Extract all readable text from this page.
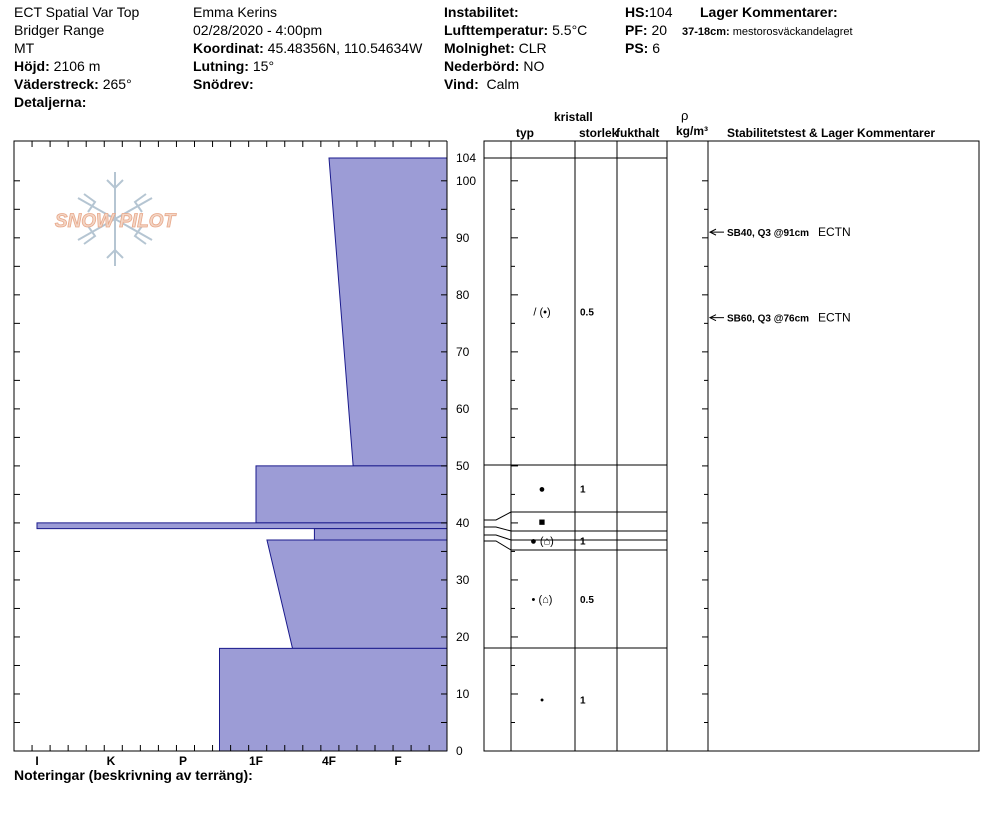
ECT Spatial Var Top
Bridger Range
MT
Höjd: 2106 m
Väderstreck: 265°
Detaljerna:
Emma Kerins
02/28/2020 - 4:00pm
Koordinat: 45.48356N, 110.54634W
Lutning: 15°
Snödrev:
Instabilitet:
Lufttemperatur: 5.5°C
Molnighet: CLR
Nederbörd: NO
Vind: Calm
HS:104
PF: 20
PS: 6
Lager Kommentarer:
37-18cm: mestorosväckandelagret
kristall
typ	storlek
fukthalt
ρ
kg/m³ Stabilitetstest & Lager Kommentarer
Noteringar (beskrivning av terräng):
SNOW PILOT
0
10
20
30
40
50
60
70
80
90
100
104
I	K	P	1F	4F	F
/ (•)	0.5
●	1
■
● (⌂)	1
• (⌂)	0.5
•	1
SB40, Q3 @91cm ECTN
SB60, Q3 @76cm ECTN
